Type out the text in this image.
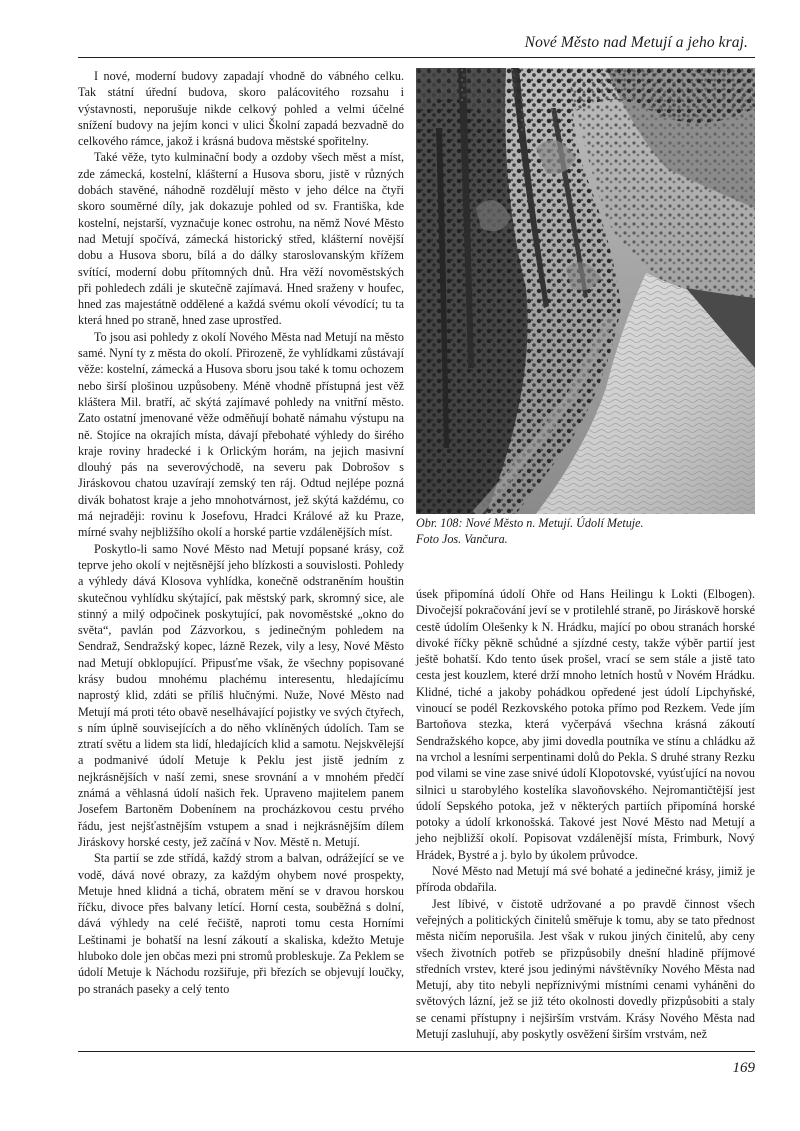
Nové Město nad Metují a jeho kraj.

I nové, moderní budovy zapadají vhodně do vábného celku. Tak státní úřední budova, skoro palácovitého rozsahu i výstavnosti, neporušuje nikde celkový pohled a velmi účelné snížení budovy na jejím konci v ulici Školní zapadá bezvadně do celkového rámce, jakož i krásná budova městské spořitelny.

Také věže, tyto kulminační body a ozdoby všech měst a míst, zde zámecká, kostelní, klášterní a Husova sboru, jistě v různých dobách stavěné, náhodně rozdělují město v jeho délce na čtyři skoro souměrné díly, jak dokazuje pohled od sv. Františka, kde kostelní, nejstarší, vyznačuje konec ostrohu, na němž Nové Město nad Metují spočívá, zámecká historický střed, klášterní novější dobu a Husova sboru, bílá a do dálky staroslovanským křížem svítící, moderní dobu přítomných dnů. Hra věží novoměstských při pohledech zdáli je skutečně zajímavá. Hned sraženy v houfec, hned zas majestátně oddělené a každá svému okolí vévodící; tu ta která hned po straně, hned zase uprostřed.

To jsou asi pohledy z okolí Nového Města nad Metují na město samé. Nyní ty z města do okolí. Přirozeně, že vyhlídkami zůstávají věže: kostelní, zámecká a Husova sboru jsou také k tomu ochozem nebo širší plošinou uzpůsobeny. Méně vhodně přístupná jest věž kláštera Mil. bratří, ač skýtá zajímavé pohledy na vnitřní město. Zato ostatní jmenované věže odměňují bohatě námahu výstupu na ně. Stojíce na okrajích místa, dávají přebohaté výhledy do širého kraje roviny hradecké i k Orlickým horám, na jejich masivní dlouhý pás na severovýchodě, na severu pak Dobrošov s Jiráskovou chatou uzavírají zemský ten ráj. Odtud nejlépe pozná divák bohatost kraje a jeho mnohotvárnost, jež skýtá každému, co má nejraději: rovinu k Josefovu, Hradci Králové až ku Praze, mírné svahy nejbližšího okolí a horské partie vzdálenějších míst.

Poskytlo-li samo Nové Město nad Metují popsané krásy, což teprve jeho okolí v nejtěsnější jeho blízkosti a souvislosti. Pohledy a výhledy dává Klosova vyhlídka, konečně odstraněním houštin skutečnou vyhlídku skýtající, pak městský park, skromný sice, ale stinný a milý odpočinek poskytující, pak novoměstské „okno do světa“, pavlán pod Zázvorkou, s jedinečným pohledem na Sendraž, Sendražský kopec, lázně Rezek, vily a lesy, Nové Město nad Metují obklopující. Připusťme však, že všechny popisované krásy budou mnohému plachému interesentu, hledajícímu naprostý klid, zdáti se příliš hlučnými. Nuže, Nové Město nad Metují má proti této obavě neselhávající pojistky ve svých čtyřech, s ním úplně souvisejících a do něho vklíněných údolích. Tam se ztratí světu a lidem sta lidí, hledajících klid a samotu. Nejskvělejší a podmanivé údolí Metuje k Peklu jest jistě jedním z nejkrásnějších v naší zemi, snese srovnání a v mnohém předčí známá a věhlasná údolí našich řek. Upraveno majitelem panem Josefem Bartoněm Dobenínem na procházkovou cestu prvého řádu, jest nejšťastnějším vstupem a snad i nejkrásnějším dílem Jiráskovy horské cesty, jež začíná v Nov. Městě n. Metují.

Sta partií se zde střídá, každý strom a balvan, odrážející se ve vodě, dává nové obrazy, za každým ohybem nové prospekty, Metuje hned klidná a tichá, obratem mění se v dravou horskou říčku, divoce přes balvany letící. Horní cesta, souběžná s dolní, dává výhledy na celé řečiště, naproti tomu cesta Horními Leštinami je bohatší na lesní zákoutí a skaliska, kdežto Metuje hluboko dole jen občas mezi pni stromů probleskuje. Za Peklem se údolí Metuje k Náchodu rozšiřuje, při březích se objevují loučky, po stranách paseky a celý tento

Obr. 108: Nové Město n. Metují. Údolí Metuje.
Foto Jos. Vančura.

úsek připomíná údolí Ohře od Hans Heilingu k Lokti (Elbogen). Divočejší pokračování jeví se v protilehlé straně, po Jiráskově horské cestě údolím Olešenky k N. Hrádku, mající po obou stranách horské divoké říčky pěkně schůdné a sjízdné cesty, takže výběr partií jest ještě bohatší. Kdo tento úsek prošel, vrací se sem stále a jistě tato cesta jest kouzlem, které drží mnoho letních hostů v Novém Hrádku. Klidné, tiché a jakoby pohádkou opředené jest údolí Lipchyňské, vinoucí se podél Rezkovského potoka přímo pod Rezkem. Vede jím Bartoňova stezka, která vyčerpává všechna krásná zákoutí Sendražského kopce, aby jimi dovedla poutníka ve stínu a chládku až na vrchol a lesními serpentinami dolů do Pekla. S druhé strany Rezku pod vilami se vine zase snivé údolí Klopotovské, vyúsťující na novou silnici u starobylého kostelíka slavoňovského. Nejromantičtější jest údolí Sepského potoka, jež v některých partiích připomíná horské potoky a údolí krkonošská. Takové jest Nové Město nad Metují a jeho nejbližší okolí. Popisovat vzdálenější místa, Frimburk, Nový Hrádek, Bystré a j. bylo by úkolem průvodce.

Nové Město nad Metují má své bohaté a jedinečné krásy, jimiž je příroda obdařila.

Jest líbivé, v čistotě udržované a po pravdě činnost všech veřejných a politických činitelů směřuje k tomu, aby se tato přednost města ničím neporušila. Jest však v rukou jiných činitelů, aby ceny všech životních potřeb se přizpůsobily dnešní hladině příjmové středních vrstev, které jsou jedinými návštěvníky Nového Města nad Metují, aby tito nebyli nepříznivými místními cenami vyháněni do světových lázní, jež se již této okolnosti dovedly přizpůsobiti a staly se cenami přístupny i nejširším vrstvám. Krásy Nového Města nad Metují zasluhují, aby poskytly osvěžení širším vrstvám, než

169
